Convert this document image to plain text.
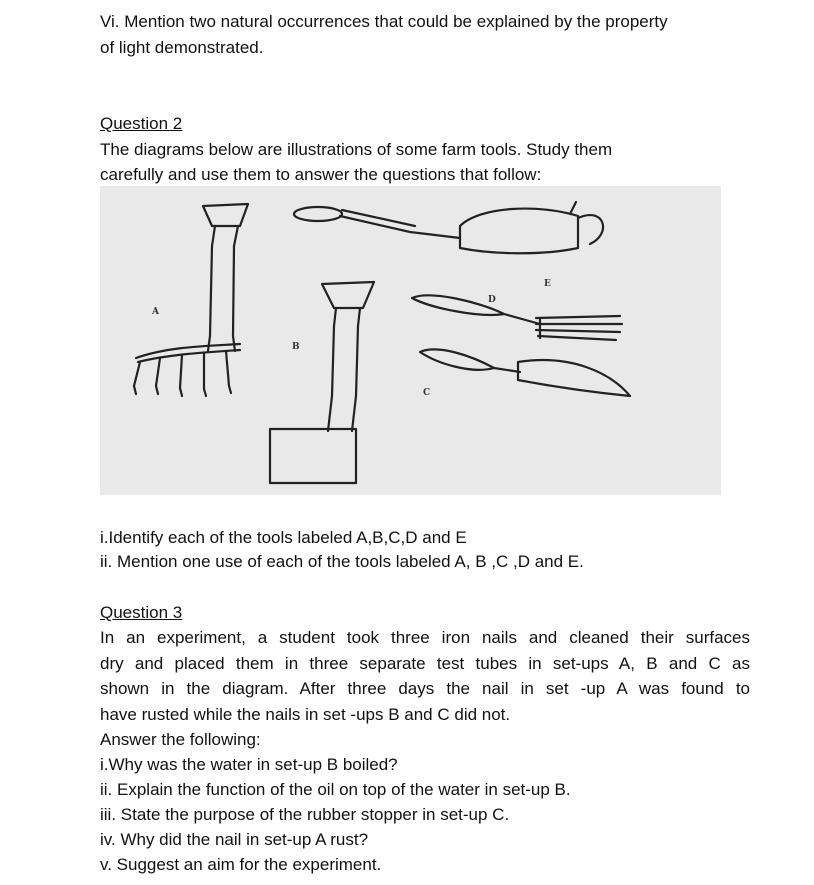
Vi. Mention two natural occurrences that could be explained by the property
of light demonstrated.
Question 2
The diagrams below are illustrations of some farm tools. Study them
carefully and use them to answer the questions that follow:
A
B
C
D
E
i.Identify each of the tools labeled A,B,C,D and E
ii. Mention one use of each of the tools labeled A, B ,C ,D and E.
Question 3
In an experiment, a student took three iron nails and cleaned their surfaces
dry and placed them in three separate test tubes in set-ups A, B and C as
shown in the diagram. After three days the nail in set -up A was found to
have rusted while the nails in set -ups B and C did not.
Answer the following:
i.Why was the water in set-up B boiled?
ii. Explain the function of the oil on top of the water in set-up B.
iii. State the purpose of the rubber stopper in set-up C.
iv. Why did the nail in set-up A rust?
v. Suggest an aim for the experiment.
